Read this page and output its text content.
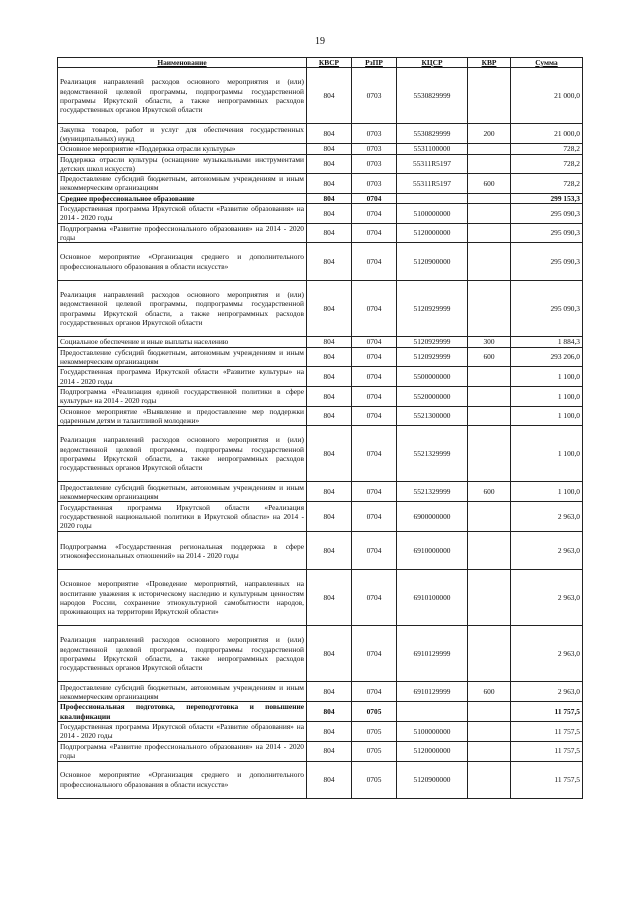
19
Наименование	КВСР	РзПР	КЦСР	КВР	Сумма
Реализация направлений расходов основного мероприятия и (или) ведомственной целевой программы, подпрограммы государственной программы Иркутской области, а также непрограммных расходов государственных органов Иркутской области	804	0703	5530829999		21 000,0
Закупка товаров, работ и услуг для обеспечения государственных (муниципальных) нужд	804	0703	5530829999	200	21 000,0
Основное мероприятие «Поддержка отрасли культуры»	804	0703	5531100000		728,2
Поддержка отрасли культуры (оснащение музыкальными инструментами детских школ искусств)	804	0703	55311R5197		728,2
Предоставление субсидий бюджетным, автономным учреждениям и иным некоммерческим организациям	804	0703	55311R5197	600	728,2
Среднее профессиональное образование	804	0704			299 153,3
Государственная программа Иркутской области «Развитие образования» на 2014 - 2020 годы	804	0704	5100000000		295 090,3
Подпрограмма «Развитие профессионального образования» на 2014 - 2020 годы	804	0704	5120000000		295 090,3
Основное мероприятие «Организация среднего и дополнительного профессионального образования в области искусств»	804	0704	5120900000		295 090,3
Реализация направлений расходов основного мероприятия и (или) ведомственной целевой программы, подпрограммы государственной программы Иркутской области, а также непрограммных расходов государственных органов Иркутской области	804	0704	5120929999		295 090,3
Социальное обеспечение и иные выплаты населению	804	0704	5120929999	300	1 884,3
Предоставление субсидий бюджетным, автономным учреждениям и иным некоммерческим организациям	804	0704	5120929999	600	293 206,0
Государственная программа Иркутской области «Развитие культуры» на 2014 - 2020 годы	804	0704	5500000000		1 100,0
Подпрограмма «Реализация единой государственной политики в сфере культуры» на 2014 - 2020 годы	804	0704	5520000000		1 100,0
Основное мероприятие «Выявление и предоставление мер поддержки одаренным детям и талантливой молодежи»	804	0704	5521300000		1 100,0
Реализация направлений расходов основного мероприятия и (или) ведомственной целевой программы, подпрограммы государственной программы Иркутской области, а также непрограммных расходов государственных органов Иркутской области	804	0704	5521329999		1 100,0
Предоставление субсидий бюджетным, автономным учреждениям и иным некоммерческим организациям	804	0704	5521329999	600	1 100,0
Государственная программа Иркутской области «Реализация государственной национальной политики в Иркутской области» на 2014 - 2020 годы	804	0704	6900000000		2 963,0
Подпрограмма «Государственная региональная поддержка в сфере этноконфессиональных отношений» на 2014 - 2020 годы	804	0704	6910000000		2 963,0
Основное мероприятие «Проведение мероприятий, направленных на воспитание уважения к историческому наследию и культурным ценностям народов России, сохранение этнокультурной самобытности народов, проживающих на территории Иркутской области»	804	0704	6910100000		2 963,0
Реализация направлений расходов основного мероприятия и (или) ведомственной целевой программы, подпрограммы государственной программы Иркутской области, а также непрограммных расходов государственных органов Иркутской области	804	0704	6910129999		2 963,0
Предоставление субсидий бюджетным, автономным учреждениям и иным некоммерческим организациям	804	0704	6910129999	600	2 963,0
Профессиональная подготовка, переподготовка и повышение квалификации	804	0705			11 757,5
Государственная программа Иркутской области «Развитие образования» на 2014 - 2020 годы	804	0705	5100000000		11 757,5
Подпрограмма «Развитие профессионального образования» на 2014 - 2020 годы	804	0705	5120000000		11 757,5
Основное мероприятие «Организация среднего и дополнительного профессионального образования в области искусств»	804	0705	5120900000		11 757,5
